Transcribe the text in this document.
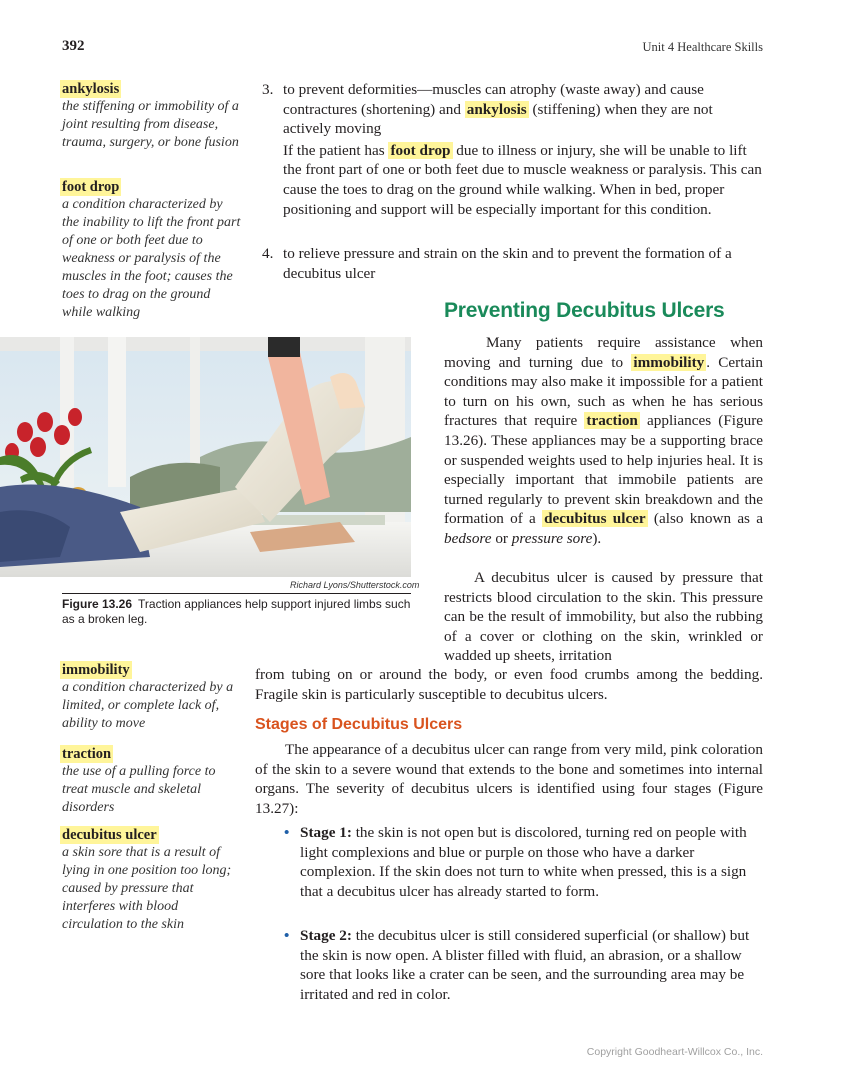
392	Unit 4 Healthcare Skills
ankylosis
the stiffening or immobility of a joint resulting from disease, trauma, surgery, or bone fusion
foot drop
a condition characterized by the inability to lift the front part of one or both feet due to weakness or paralysis of the muscles in the foot; causes the toes to drag on the ground while walking
3. to prevent deformities—muscles can atrophy (waste away) and cause contractures (shortening) and ankylosis (stiffening) when they are not actively moving
If the patient has foot drop due to illness or injury, she will be unable to lift the front part of one or both feet due to muscle weakness or paralysis. This can cause the toes to drag on the ground while walking. When in bed, proper positioning and support will be especially important for this condition.
4. to relieve pressure and strain on the skin and to prevent the formation of a decubitus ulcer
Preventing Decubitus Ulcers
Many patients require assistance when moving and turning due to immobility . Certain conditions may also make it impossible for a patient to turn on his own, such as when he has serious fractures that require traction appliances (Figure 13.26). These appliances may be a supporting brace or suspended weights used to help injuries heal. It is especially important that immobile patients are turned regularly to prevent skin breakdown and the formation of a decubitus ulcer (also known as a bedsore or pressure sore).
A decubitus ulcer is caused by pressure that restricts blood circulation to the skin. This pressure can be the result of immobility, but also the rubbing of a cover or clothing on the skin, wrinkled or wadded up sheets, irritation
from tubing on or around the body, or even food crumbs among the bedding. Fragile skin is particularly susceptible to decubitus ulcers.
Richard Lyons/Shutterstock.com
Figure 13.26 Traction appliances help support injured limbs such as a broken leg.
immobility
a condition characterized by a limited, or complete lack of, ability to move
traction
the use of a pulling force to treat muscle and skeletal disorders
decubitus ulcer
a skin sore that is a result of lying in one position too long; caused by pressure that interferes with blood circulation to the skin
Stages of Decubitus Ulcers
The appearance of a decubitus ulcer can range from very mild, pink coloration of the skin to a severe wound that extends to the bone and sometimes into internal organs. The severity of decubitus ulcers is identified using four stages (Figure 13.27):
• Stage 1: the skin is not open but is discolored, turning red on people with light complexions and blue or purple on those who have a darker complexion. If the skin does not turn to white when pressed, this is a sign that a decubitus ulcer has already started to form.
• Stage 2: the decubitus ulcer is still considered superficial (or shallow) but the skin is now open. A blister filled with fluid, an abrasion, or a shallow sore that looks like a crater can be seen, and the surrounding area may be irritated and red in color.
Copyright Goodheart-Willcox Co., Inc.
